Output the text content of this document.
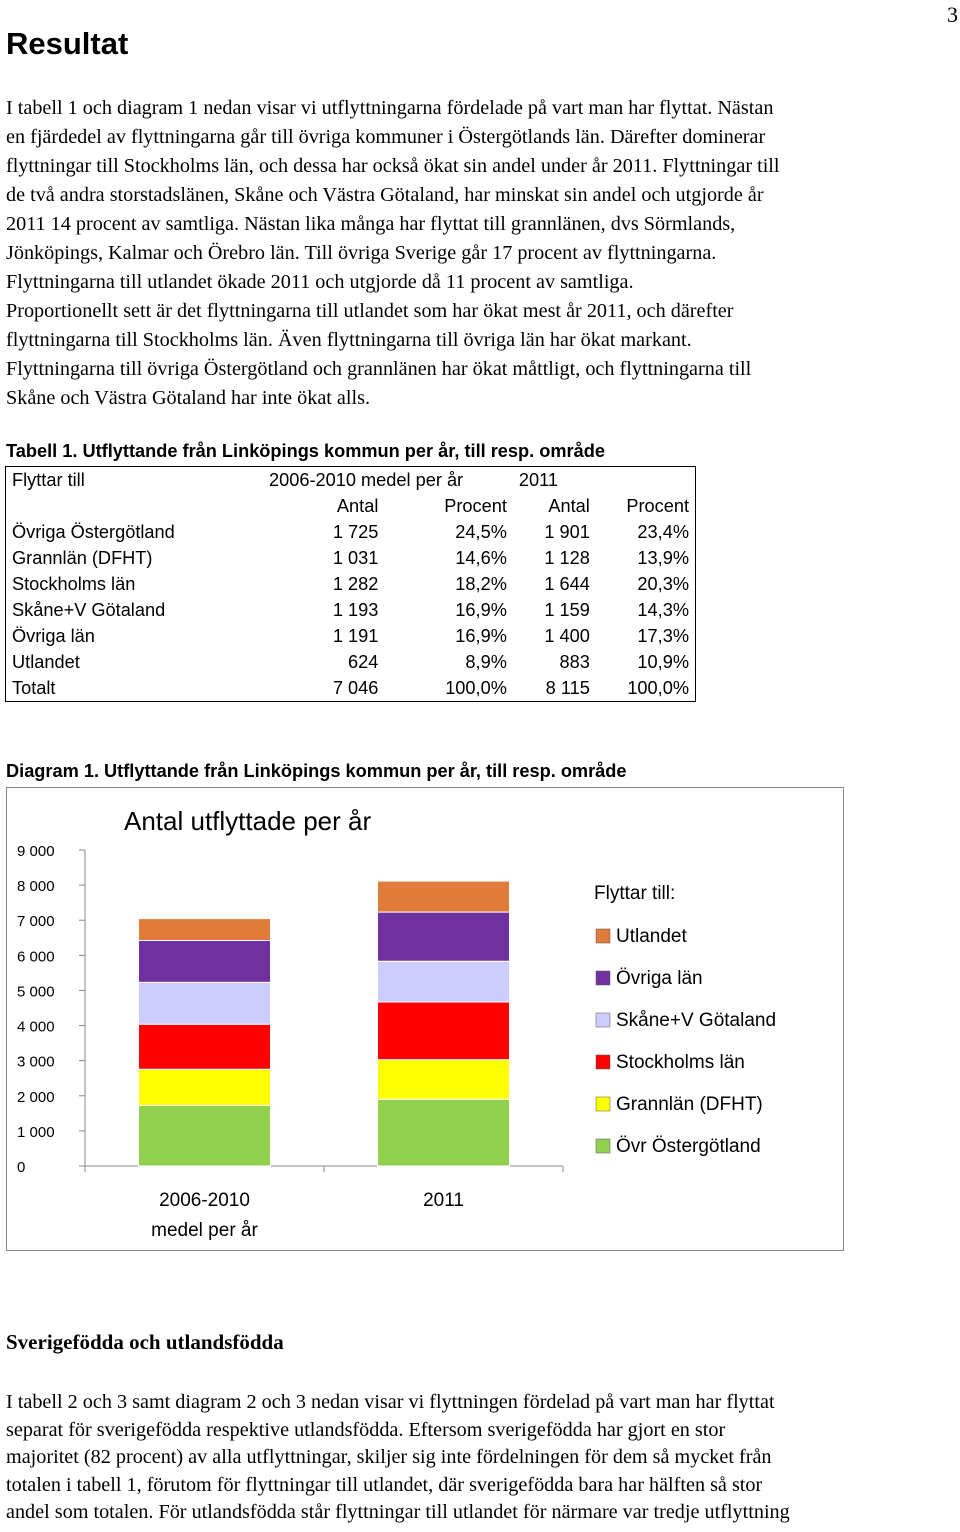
3
Resultat

I tabell 1 och diagram 1 nedan visar vi utflyttningarna fördelade på vart man har flyttat. Nästan

en fjärdedel av flyttningarna går till övriga kommuner i Östergötlands län. Därefter dominerar

flyttningar till Stockholms län, och dessa har också ökat sin andel under år 2011. Flyttningar till

de två andra storstadslänen, Skåne och Västra Götaland, har minskat sin andel och utgjorde år

2011 14 procent av samtliga. Nästan lika många har flyttat till grannlänen, dvs Sörmlands,

Jönköpings, Kalmar och Örebro län. Till övriga Sverige går 17 procent av flyttningarna.

Flyttningarna till utlandet ökade 2011 och utgjorde då 11 procent av samtliga.

Proportionellt sett är det flyttningarna till utlandet som har ökat mest år 2011, och därefter

flyttningarna till Stockholms län. Även flyttningarna till övriga län har ökat markant.

Flyttningarna till övriga Östergötland och grannlänen har ökat måttligt, och flyttningarna till

Skåne och Västra Götaland har inte ökat alls.

Tabell 1. Utflyttande från Linköpings kommun per år, till resp. område
Flyttar till	2006-2010 medel per år		2011	
	Antal	Procent	Antal	Procent
Övriga Östergötland	1 725	24,5%	1 901	23,4%
Grannlän (DFHT)	1 031	14,6%	1 128	13,9%
Stockholms län	1 282	18,2%	1 644	20,3%
Skåne+V Götaland	1 193	16,9%	1 159	14,3%
Övriga län	1 191	16,9%	1 400	17,3%
Utlandet	624	8,9%	883	10,9%
Totalt	7 046	100,0%	8 115	100,0%
Diagram 1. Utflyttande från Linköpings kommun per år, till resp. område
Antal utflyttade per år
0
1 000
2 000
3 000
4 000
5 000
6 000
7 000
8 000
9 000
2006-2010
medel per år
2011
Flyttar till:
Utlandet
Övriga län
Skåne+V Götaland
Stockholms län
Grannlän (DFHT)
Övr Östergötland
Sverigefödda och utlandsfödda

I tabell 2 och 3 samt diagram 2 och 3 nedan visar vi flyttningen fördelad på vart man har flyttat

separat för sverigefödda respektive utlandsfödda. Eftersom sverigefödda har gjort en stor

majoritet (82 procent) av alla utflyttningar, skiljer sig inte fördelningen för dem så mycket från

totalen i tabell 1, förutom för flyttningar till utlandet, där sverigefödda bara har hälften så stor

andel som totalen. För utlandsfödda står flyttningar till utlandet för närmare var tredje utflyttning
